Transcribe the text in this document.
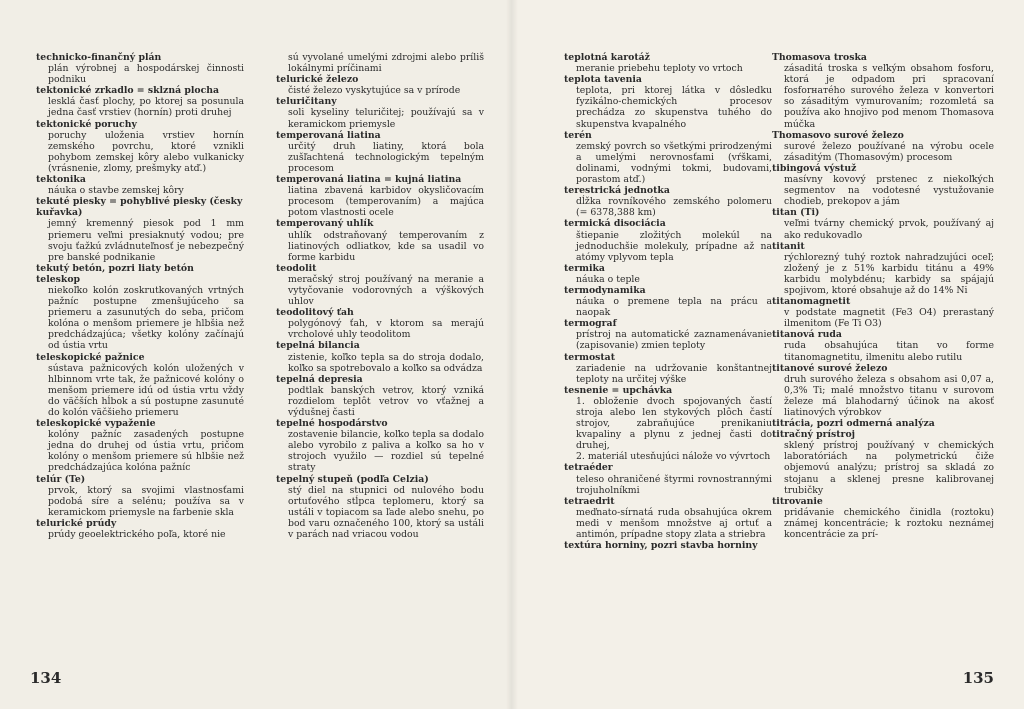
technicko-finančný plán
plán výrobnej a hospodárskej činnosti podniku
tektonické zrkadlo = sklzná plocha
lesklá časť plochy, po ktorej sa posunula jedna časť vrstiev (hornín) proti druhej
tektonické poruchy
poruchy uloženia vrstiev hornín zemského povrchu, ktoré vznikli pohybom zemskej kôry alebo vulkanicky (vrásnenie, zlomy, prešmyky atď.)
tektonika
náuka o stavbe zemskej kôry
tekuté piesky = pohyblivé piesky (česky kuřavka)
jemný kremenný piesok pod 1 mm priemeru veľmi presiaknutý vodou; pre svoju ťažkú zvládnuteľnosť je nebezpečný pre banské podnikanie
tekutý betón, pozri liaty betón
teleskop
niekoľko kolón zoskrutkovaných vrtných pažníc postupne zmenšujúceho sa priemeru a zasunutých do seba, pričom kolóna o menšom priemere je hlbšia než predchádzajúca; všetky kolóny začínajú od ústia vrtu
teleskopické pažnice
sústava pažnicových kolón uložených v hlbinnom vrte tak, že pažnicové kolóny o menšom priemere idú od ústia vrtu vždy do väčších hĺbok a sú postupne zasunuté do kolón väčšieho priemeru
teleskopické vypaženie
kolóny pažníc zasadených postupne jedna do druhej od ústia vrtu, pričom kolóny o menšom priemere sú hlbšie než predchádzajúca kolóna pažníc
telúr (Te)
prvok, ktorý sa svojimi vlastnosťami podobá síre a selénu; používa sa v keramickom priemysle na farbenie skla
telurické prúdy
prúdy geoelektrického poľa, ktoré nie
sú vyvolané umelými zdrojmi alebo príliš lokálnymi príčinami
telurické železo
čisté železo vyskytujúce sa v prírode
teluričitany
soli kyseliny teluričitej; používajú sa v keramickom priemysle
temperovaná liatina
určitý druh liatiny, ktorá bola zušľachtená technologickým tepelným procesom
temperovaná liatina = kujná liatina
liatina zbavená karbidov okysličovacím procesom (temperovaním) a majúca potom vlastnosti ocele
temperovaný uhlík
uhlík odstraňovaný temperovaním z liatinových odliatkov, kde sa usadil vo forme karbidu
teodolit
meračský stroj používaný na meranie a vytyčovanie vodorovných a výškových uhlov
teodolitový ťah
polygónový ťah, v ktorom sa merajú vrcholové uhly teodolitom
tepelná bilancia
zistenie, koľko tepla sa do stroja dodalo, koľko sa spotrebovalo a koľko sa odvádza
tepelná depresia
podtlak banských vetrov, ktorý vzniká rozdielom teplôt vetrov vo vťažnej a výdušnej časti
tepelné hospodárstvo
zostavenie bilancie, koľko tepla sa dodalo alebo vyrobilo z paliva a koľko sa ho v strojoch využilo — rozdiel sú tepelné straty
tepelný stupeň (podľa Celzia)
stý diel na stupnici od nulového bodu ortuťového stĺpca teplomeru, ktorý sa ustáli v topiacom sa ľade alebo snehu, po bod varu označeného 100, ktorý sa ustáli v parách nad vriacou vodou
teplotná karotáž
meranie priebehu teploty vo vrtoch
teplota tavenia
teplota, pri ktorej látka v dôsledku fyzikálno-chemických procesov prechádza zo skupenstva tuhého do skupenstva kvapalného
terén
zemský povrch so všetkými prirodzenými a umelými nerovnosťami (vŕškami, dolinami, vodnými tokmi, budovami, porastom atď.)
terestrická jednotka
dĺžka rovníkového zemského polomeru (= 6378,388 km)
termická disociácia
štiepanie zložitých molekúl na jednoduchšie molekuly, prípadne až na atómy vplyvom tepla
termika
náuka o teple
termodynamika
náuka o premene tepla na prácu a naopak
termograf
prístroj na automatické zaznamenávanie (zapisovanie) zmien teploty
termostat
zariadenie na udržovanie konštantnej teploty na určitej výške
tesnenie = upchávka
1. obloženie dvoch spojovaných častí stroja alebo len stykových plôch častí strojov, zabraňujúce prenikaniu kvapaliny a plynu z jednej časti do druhej,
2. materiál utesňujúci nálože vo vývrtoch
tetraéder
teleso ohraničené štyrmi rovnostrannými trojuholníkmi
tetraedrit
meďnato-sírnatá ruda obsahujúca okrem medi v menšom množstve aj ortuť a antimón, prípadne stopy zlata a striebra
textúra horniny, pozri stavba horniny
Thomasova troska
zásaditá troska s veľkým obsahom fosforu, ktorá je odpadom pri spracovaní fosforнатého surového železa v konvertori so zásaditým vymurovaním; rozomletá sa používa ako hnojivo pod menom Thomasova múčka
Thomasovo surové železo
surové železo používané na výrobu ocele zásaditým (Thomasovým) procesom
tibingová výstuž
masívny kovový prstenec z niekoľkých segmentov na vodotesné vystužovanie chodieb, prekopov a jám
titan (Ti)
veľmi tvárny chemický prvok, používaný aj ako redukovadlo
titanit
rýchlorezný tuhý roztok nahradzujúci oceľ; zložený je z 51% karbidu titánu a 49% karbidu molybdénu; karbidy sa spájajú spojivom, ktoré obsahuje až do 14% Ni
titanomagnetit
v podstate magnetit (Fe3 O4) prerastaný ilmenitom (Fe Ti O3)
titanová ruda
ruda obsahujúca titan vo forme titanomagnetitu, ilmenitu alebo rutilu
titanové surové železo
druh surového železa s obsahom asi 0,07 a, 0,3% Ti; malé množstvo titanu v surovom železe má blahodarný účinok na akosť liatinových výrobkov
titrácia, pozri odmerná analýza
titračný prístroj
sklený prístroj používaný v chemických laboratóriách na polymetrickú čiže objemovú analýzu; prístroj sa skladá zo stojanu a sklenej presne kalibrovanej trubičky
titrovanie
pridávanie chemického činidla (roztoku) známej koncentrácie; k roztoku neznámej koncentrácie za prí-
134	135
